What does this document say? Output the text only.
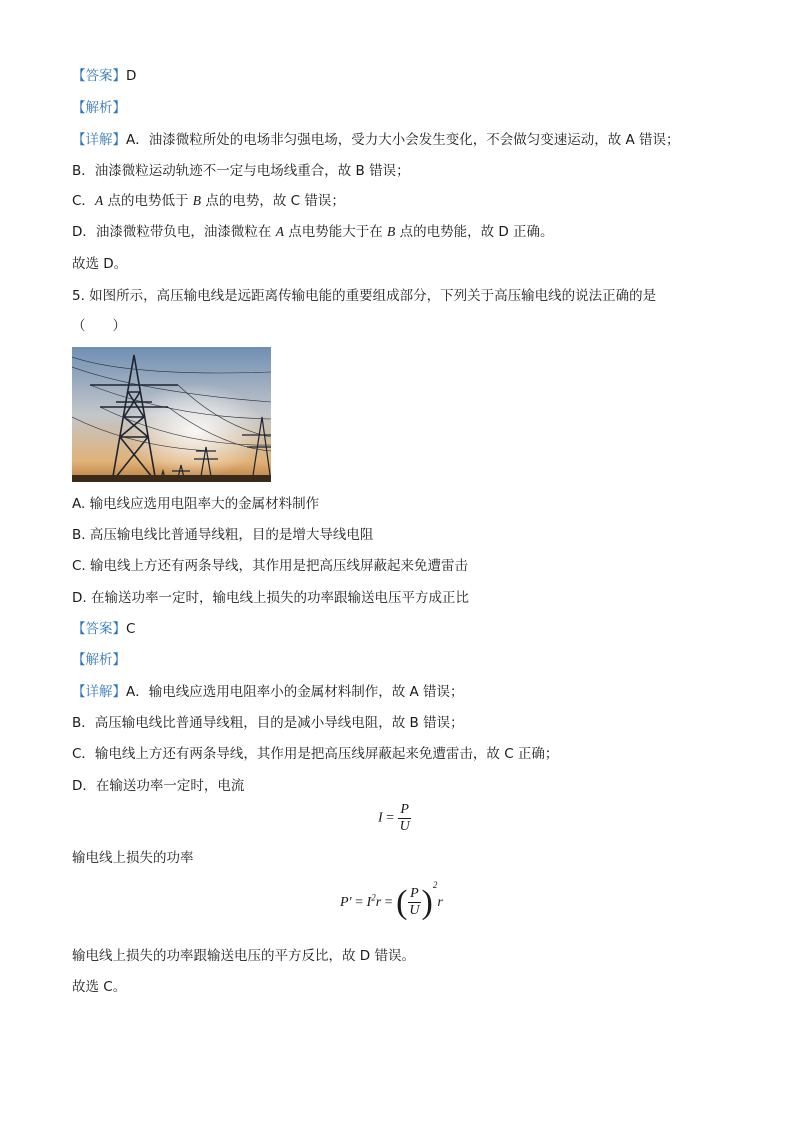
【答案】D
【解析】
【详解】A．油漆微粒所处的电场非匀强电场，受力大小会发生变化，不会做匀变速运动，故 A 错误；
B．油漆微粒运动轨迹不一定与电场线重合，故 B 错误；
C．A 点的电势低于 B 点的电势，故 C 错误；
D．油漆微粒带负电，油漆微粒在 A 点电势能大于在 B 点的电势能，故 D 正确。
故选 D。
5. 如图所示，高压输电线是远距离传输电能的重要组成部分，下列关于高压输电线的说法正确的是
（　　）
A. 输电线应选用电阻率大的金属材料制作
B. 高压输电线比普通导线粗，目的是增大导线电阻
C. 输电线上方还有两条导线，其作用是把高压线屏蔽起来免遭雷击
D. 在输送功率一定时，输电线上损失的功率跟输送电压平方成正比
【答案】C
【解析】
【详解】A．输电线应选用电阻率小的金属材料制作，故 A 错误；
B．高压输电线比普通导线粗，目的是减小导线电阻，故 B 错误；
C．输电线上方还有两条导线，其作用是把高压线屏蔽起来免遭雷击，故 C 正确；
D．在输送功率一定时，电流
$I = \frac{P}{U}$
输电线上损失的功率
$P' = I^2r$ = ( $\frac{P}{U} )^2r$
输电线上损失的功率跟输送电压的平方反比，故 D 错误。
故选 C。
